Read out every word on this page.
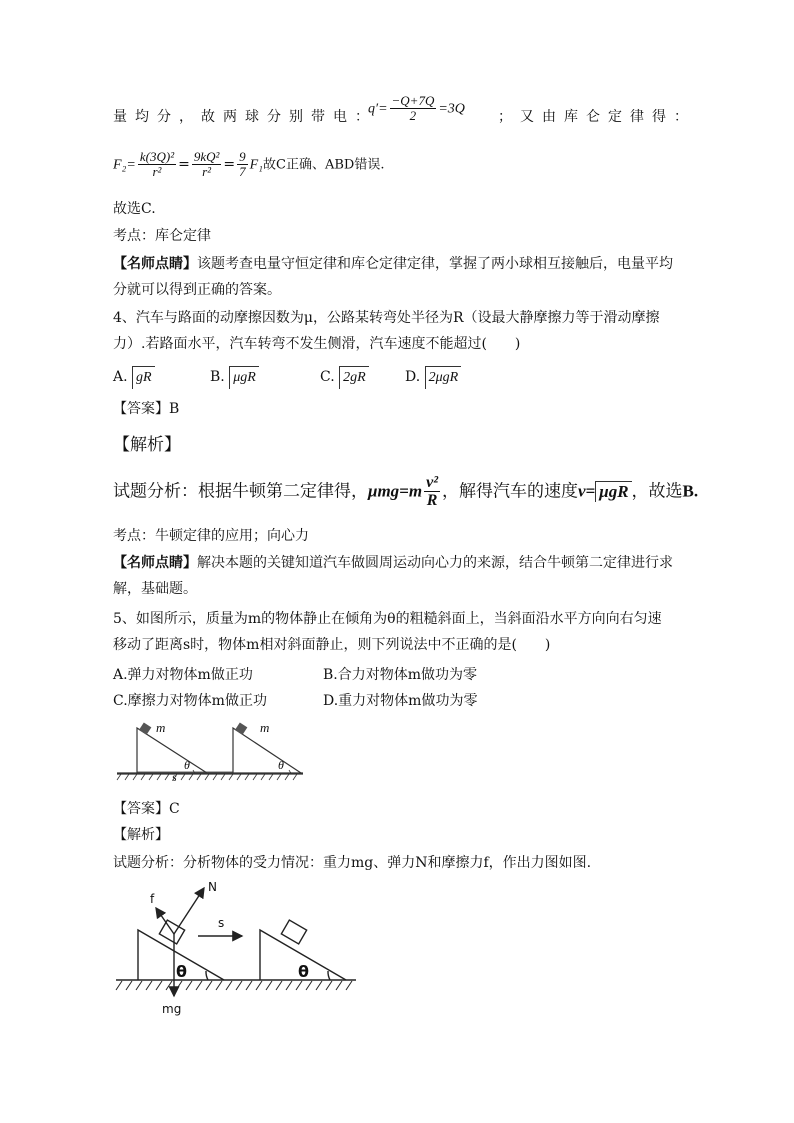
量均分，故两球分别带电：
$q'= \frac{-Q+7Q}{2} =3Q$ ；又由库仑定律得：
$F_2= \frac{\text{k(3Q)²}}{\text{r²}} = \frac{\text{9kQ²}}{\text{r²}} = \frac{9}{7} F_1$故C正确、ABD错误.
故选C.
考点：库仑定律
【名师点睛】该题考查电量守恒定律和库仑定律定律，掌握了两小球相互接触后，电量平均
分就可以得到正确的答案。
4、汽车与路面的动摩擦因数为μ，公路某转弯处半径为R（设最大静摩擦力等于滑动摩擦
力）.若路面水平，汽车转弯不发生侧滑，汽车速度不能超过(　　)
A. gR	B. μgR	C. 2gR	D. 2μgR
【答案】B
【解析】
试题分析：根据牛顿第二定律得，$\mu mg=m \frac{\text{v²}}{R}$ ，解得汽车的速度v= μgR ，故选B.
考点：牛顿定律的应用；向心力
【名师点睛】解决本题的关键知道汽车做圆周运动向心力的来源，结合牛顿第二定律进行求
解，基础题。
5、如图所示，质量为m的物体静止在倾角为θ的粗糙斜面上，当斜面沿水平方向向右匀速
移动了距离s时，物体m相对斜面静止，则下列说法中不正确的是(　　)
A.弹力对物体m做正功	B.合力对物体m做功为零
C.摩擦力对物体m做正功	D.重力对物体m做功为零
m	m
θ	θ
s
【答案】C
【解析】
试题分析：分析物体的受力情况：重力mg、弹力N和摩擦力f，作出力图如图.
f
N
s
mg
θ	θ
